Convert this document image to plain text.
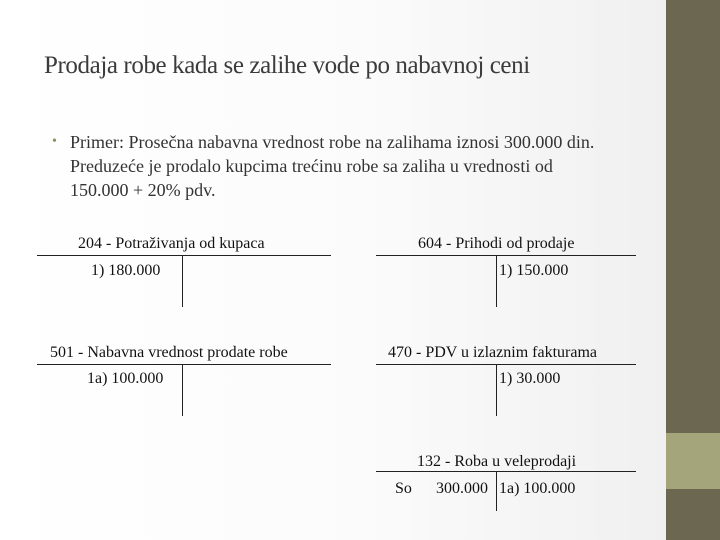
Prodaja robe kada se zalihe vode po nabavnoj ceni
• Primer: Prosečna nabavna vrednost robe na zalihama iznosi 300.000 din. Preduzeće je prodalo kupcima trećinu robe sa zaliha u vrednosti od 150.000 + 20% pdv.
204 - Potraživanja od kupaca
1) 180.000
604 - Prihodi od prodaje
1) 150.000
501 - Nabavna vrednost prodate robe
1a) 100.000
470 - PDV u izlaznim fakturama
1) 30.000
132 - Roba u veleprodaji
So 300.000 1a) 100.000
